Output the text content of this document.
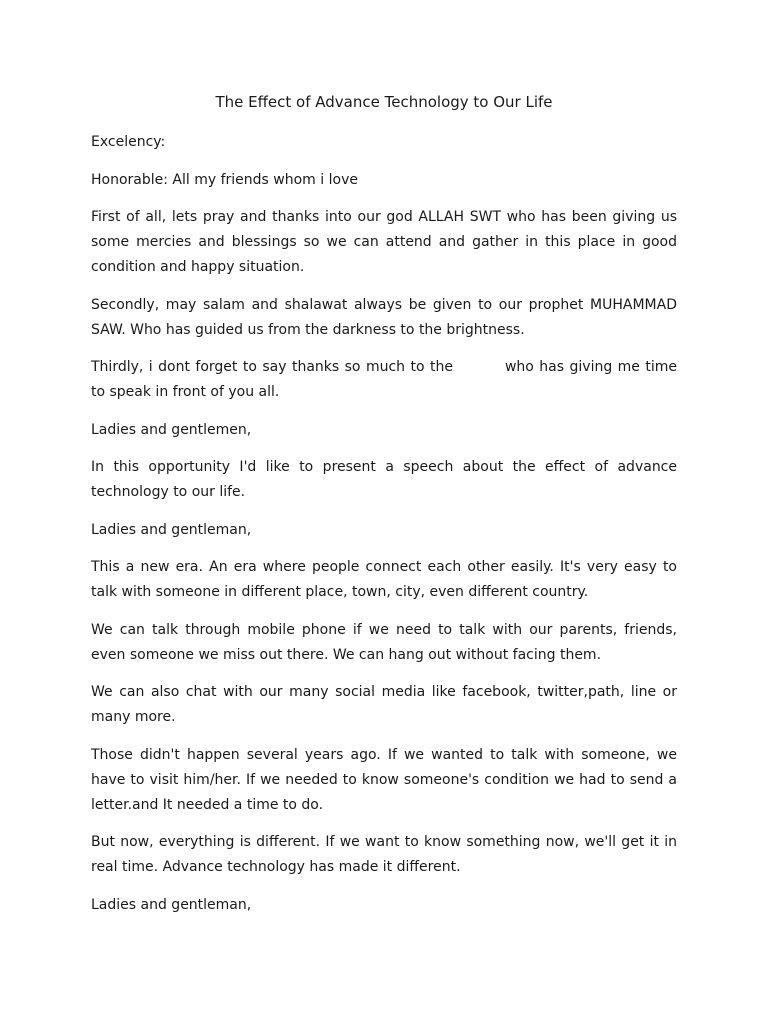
The Effect of Advance Technology to Our Life

Excelency:

Honorable: All my friends whom i love

First of all, lets pray and thanks into our god ALLAH SWT who has been giving us some mercies and blessings so we can attend and gather in this place in good condition and happy situation.

Secondly, may salam and shalawat always be given to our prophet MUHAMMAD SAW. Who has guided us from the darkness to the brightness.

Thirdly, i dont forget to say thanks so much to the	who has giving me time to speak in front of you all.

Ladies and gentlemen,

In this opportunity I'd like to present a speech about the effect of advance technology to our life.

Ladies and gentleman,

This a new era. An era where people connect each other easily. It's very easy to talk with someone in different place, town, city, even different country.

We can talk through mobile phone if we need to talk with our parents, friends, even someone we miss out there. We can hang out without facing them.

We can also chat with our many social media like facebook, twitter,path, line or many more.

Those didn't happen several years ago. If we wanted to talk with someone, we have to visit him/her. If we needed to know someone's condition we had to send a letter.and It needed a time to do.

But now, everything is different. If we want to know something now, we'll get it in real time. Advance technology has made it different.

Ladies and gentleman,
